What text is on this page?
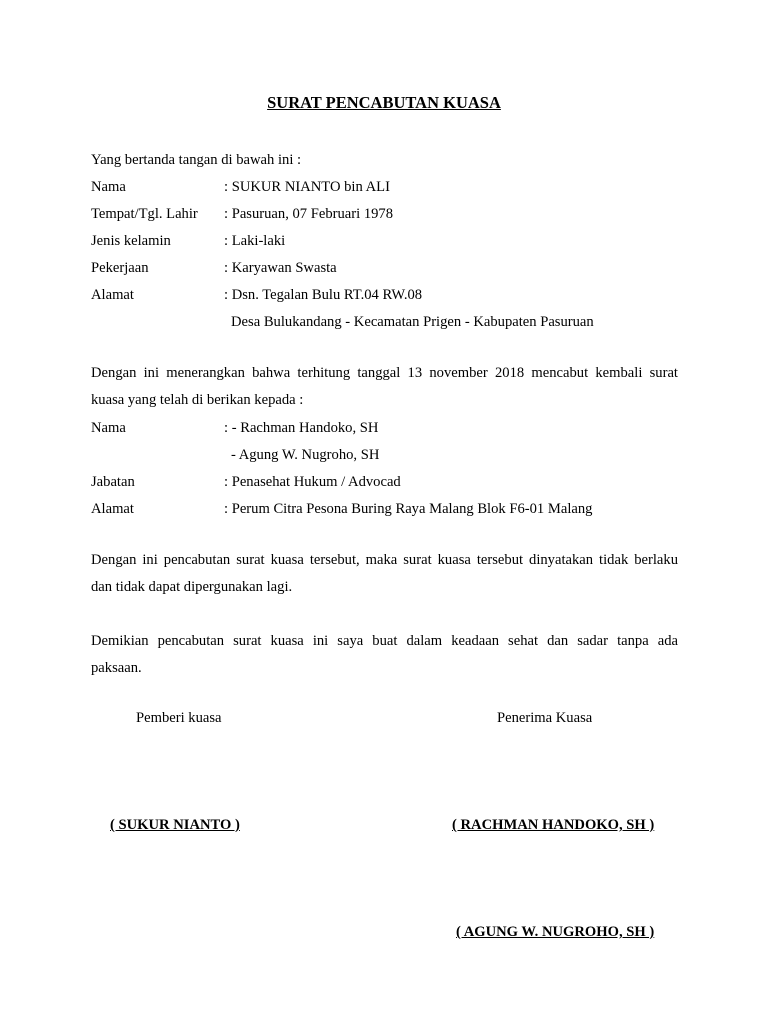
SURAT PENCABUTAN KUASA
Yang bertanda tangan di bawah ini :
Nama	: SUKUR NIANTO bin ALI
Tempat/Tgl. Lahir : Pasuruan, 07 Februari 1978
Jenis kelamin	: Laki-laki
Pekerjaan	: Karyawan Swasta
Alamat	: Dsn. Tegalan Bulu RT.04 RW.08
Desa Bulukandang - Kecamatan Prigen - Kabupaten Pasuruan
Dengan ini menerangkan bahwa terhitung tanggal 13 november 2018 mencabut kembali surat
kuasa yang telah di berikan kepada :
Nama	: - Rachman Handoko, SH
- Agung W. Nugroho, SH
Jabatan	: Penasehat Hukum / Advocad
Alamat	: Perum Citra Pesona Buring Raya Malang Blok F6-01 Malang
Dengan ini pencabutan surat kuasa tersebut, maka surat kuasa tersebut dinyatakan tidak berlaku
dan tidak dapat dipergunakan lagi.
Demikian pencabutan surat kuasa ini saya buat dalam keadaan sehat dan sadar tanpa ada
paksaan.
Pemberi kuasa	Penerima Kuasa
( SUKUR NIANTO )	( RACHMAN HANDOKO, SH )
( AGUNG W. NUGROHO, SH )
